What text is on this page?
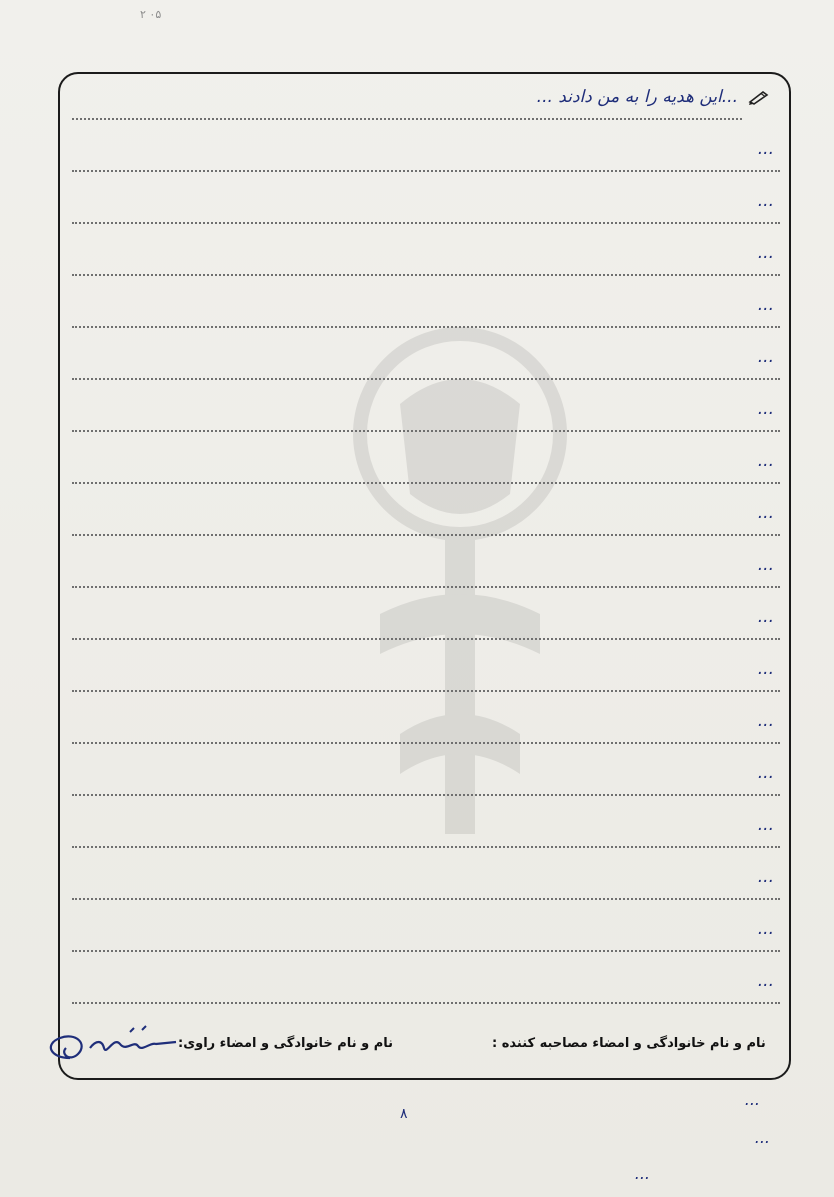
۲ ۰۵
...این هدیه را به من دادند ...
...
...
...
...
...
...
...
...
...
...
...
...
...
...
...
...
...
نام و نام خانوادگی و امضاء مصاحبه کننده :
نام و نام خانوادگی و امضاء راوی:
...
۸
...
...
